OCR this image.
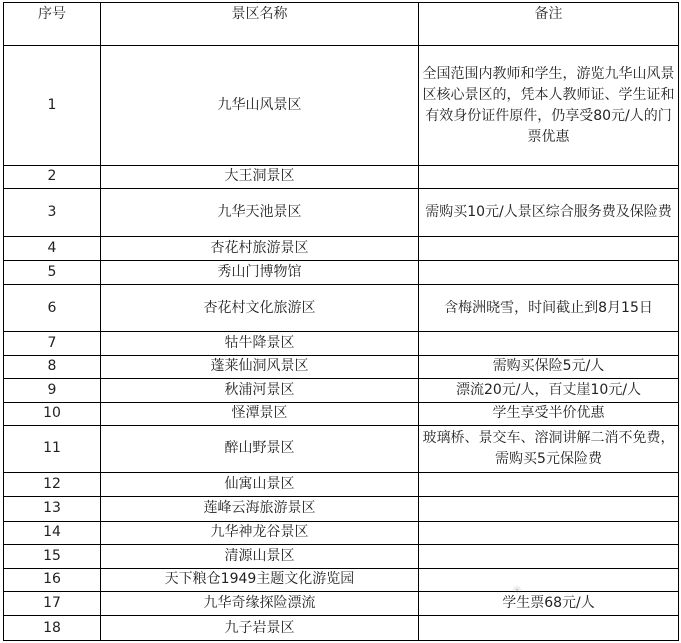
序号	景区名称	备注
1	九华山风景区	全国范围内教师和学生，游览九华山风景区核心景区的，凭本人教师证、学生证和有效身份证件原件，仍享受80元/人的门票优惠
2	大王洞景区	
3	九华天池景区	需购买10元/人景区综合服务费及保险费
4	杏花村旅游景区	
5	秀山门博物馆	
6	杏花村文化旅游区	含梅洲晓雪，时间截止到8月15日
7	牯牛降景区	
8	蓬莱仙洞风景区	需购买保险5元/人
9	秋浦河景区	漂流20元/人，百丈崖10元/人
10	怪潭景区	学生享受半价优惠
11	醉山野景区	玻璃桥、景交车、溶洞讲解二消不免费，需购买5元保险费
12	仙寓山景区	
13	莲峰云海旅游景区	
14	九华神龙谷景区	
15	清源山景区	
16	天下粮仓1949主题文化游览园	
17	九华奇缘探险漂流	学生票68元/人
18	九子岩景区	
✳
